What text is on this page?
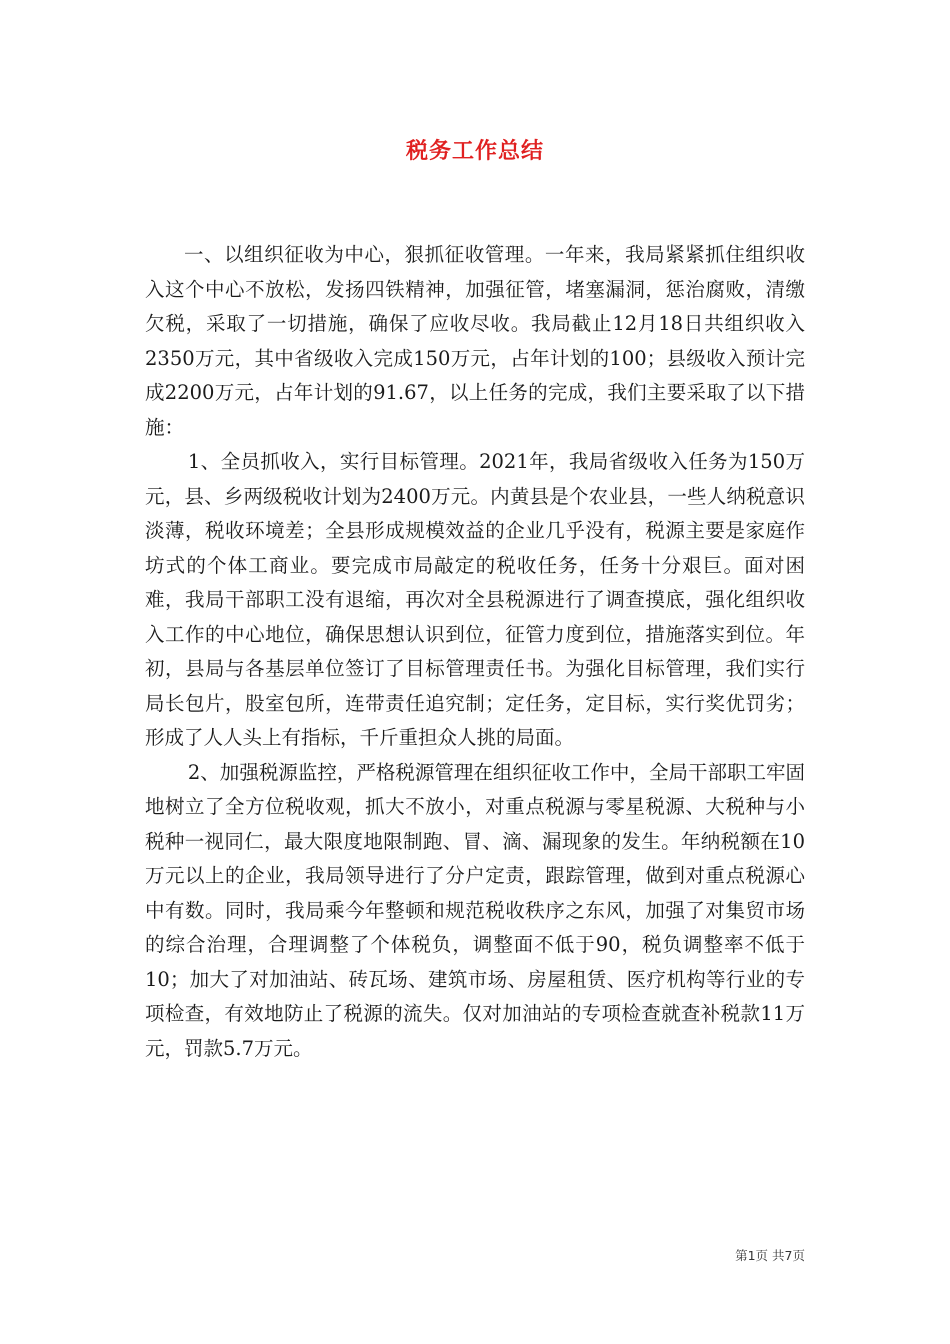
税务工作总结

一、以组织征收为中心，狠抓征收管理。一年来，我局紧紧抓住组织收入这个中心不放松，发扬四铁精神，加强征管，堵塞漏洞，惩治腐败，清缴欠税，采取了一切措施，确保了应收尽收。我局截止12月18日共组织收入2350万元，其中省级收入完成150万元，占年计划的100；县级收入预计完成2200万元，占年计划的91.67，以上任务的完成，我们主要采取了以下措施：

1、全员抓收入，实行目标管理。2021年，我局省级收入任务为150万元，县、乡两级税收计划为2400万元。内黄县是个农业县，一些人纳税意识淡薄，税收环境差；全县形成规模效益的企业几乎没有，税源主要是家庭作坊式的个体工商业。要完成市局敲定的税收任务，任务十分艰巨。面对困难，我局干部职工没有退缩，再次对全县税源进行了调查摸底，强化组织收入工作的中心地位，确保思想认识到位，征管力度到位，措施落实到位。年初，县局与各基层单位签订了目标管理责任书。为强化目标管理，我们实行局长包片，股室包所，连带责任追究制；定任务，定目标，实行奖优罚劣；形成了人人头上有指标，千斤重担众人挑的局面。

2、加强税源监控，严格税源管理在组织征收工作中，全局干部职工牢固地树立了全方位税收观，抓大不放小，对重点税源与零星税源、大税种与小税种一视同仁，最大限度地限制跑、冒、滴、漏现象的发生。年纳税额在10万元以上的企业，我局领导进行了分户定责，跟踪管理，做到对重点税源心中有数。同时，我局乘今年整顿和规范税收秩序之东风，加强了对集贸市场的综合治理，合理调整了个体税负，调整面不低于90，税负调整率不低于10；加大了对加油站、砖瓦场、建筑市场、房屋租赁、医疗机构等行业的专项检查，有效地防止了税源的流失。仅对加油站的专项检查就查补税款11万元，罚款5.7万元。

第1页 共7页
